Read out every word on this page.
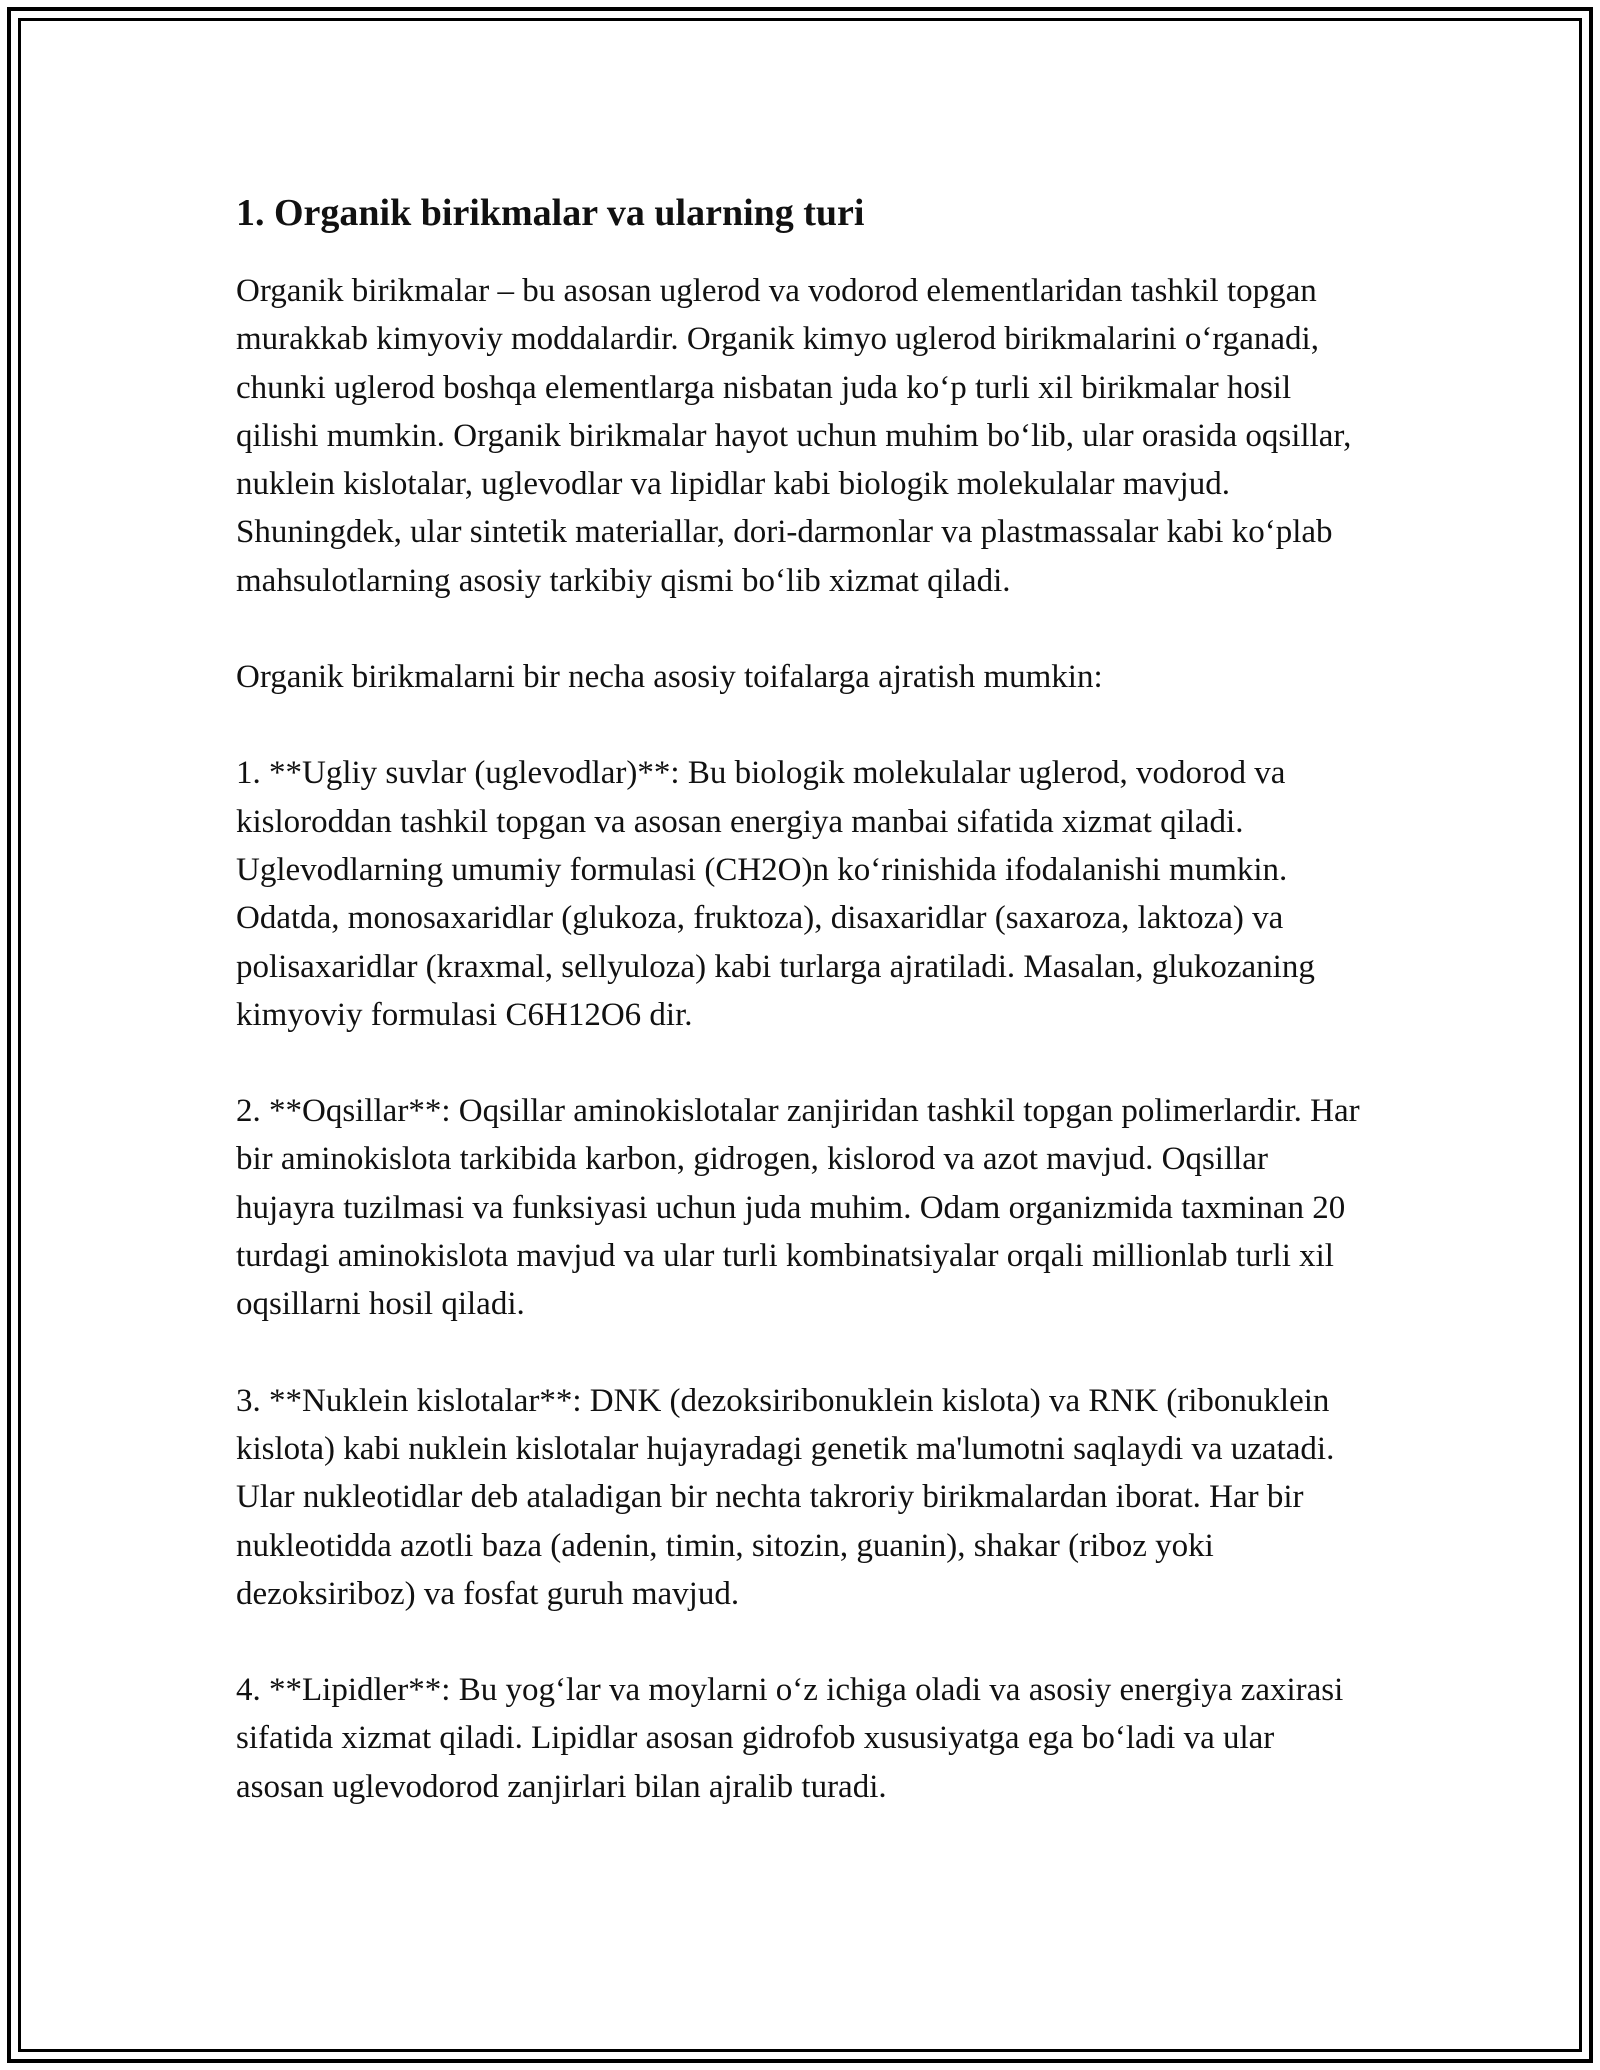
1. Organik birikmalar va ularning turi

Organik birikmalar – bu asosan uglerod va vodorod elementlaridan tashkil topgan murakkab kimyoviy moddalardir. Organik kimyo uglerod birikmalarini o‘rganadi, chunki uglerod boshqa elementlarga nisbatan juda ko‘p turli xil birikmalar hosil qilishi mumkin. Organik birikmalar hayot uchun muhim bo‘lib, ular orasida oqsillar, nuklein kislotalar, uglevodlar va lipidlar kabi biologik molekulalar mavjud. Shuningdek, ular sintetik materiallar, dori-darmonlar va plastmassalar kabi ko‘plab mahsulotlarning asosiy tarkibiy qismi bo‘lib xizmat qiladi.

Organik birikmalarni bir necha asosiy toifalarga ajratish mumkin:

1. **Ugliy suvlar (uglevodlar)**: Bu biologik molekulalar uglerod, vodorod va kisloroddan tashkil topgan va asosan energiya manbai sifatida xizmat qiladi. Uglevodlarning umumiy formulasi (CH2O)n ko‘rinishida ifodalanishi mumkin. Odatda, monosaxaridlar (glukoza, fruktoza), disaxaridlar (saxaroza, laktoza) va polisaxaridlar (kraxmal, sellyuloza) kabi turlarga ajratiladi. Masalan, glukozaning kimyoviy formulasi C6H12O6 dir.

2. **Oqsillar**: Oqsillar aminokislotalar zanjiridan tashkil topgan polimerlardir. Har bir aminokislota tarkibida karbon, gidrogen, kislorod va azot mavjud. Oqsillar hujayra tuzilmasi va funksiyasi uchun juda muhim. Odam organizmida taxminan 20 turdagi aminokislota mavjud va ular turli kombinatsiyalar orqali millionlab turli xil oqsillarni hosil qiladi.

3. **Nuklein kislotalar**: DNK (dezoksiribonuklein kislota) va RNK (ribonuklein kislota) kabi nuklein kislotalar hujayradagi genetik ma'lumotni saqlaydi va uzatadi. Ular nukleotidlar deb ataladigan bir nechta takroriy birikmalardan iborat. Har bir nukleotidda azotli baza (adenin, timin, sitozin, guanin), shakar (riboz yoki dezoksiriboz) va fosfat guruh mavjud.

4. **Lipidler**: Bu yog‘lar va moylarni o‘z ichiga oladi va asosiy energiya zaxirasi sifatida xizmat qiladi. Lipidlar asosan gidrofob xususiyatga ega bo‘ladi va ular asosan uglevodorod zanjirlari bilan ajralib turadi.
